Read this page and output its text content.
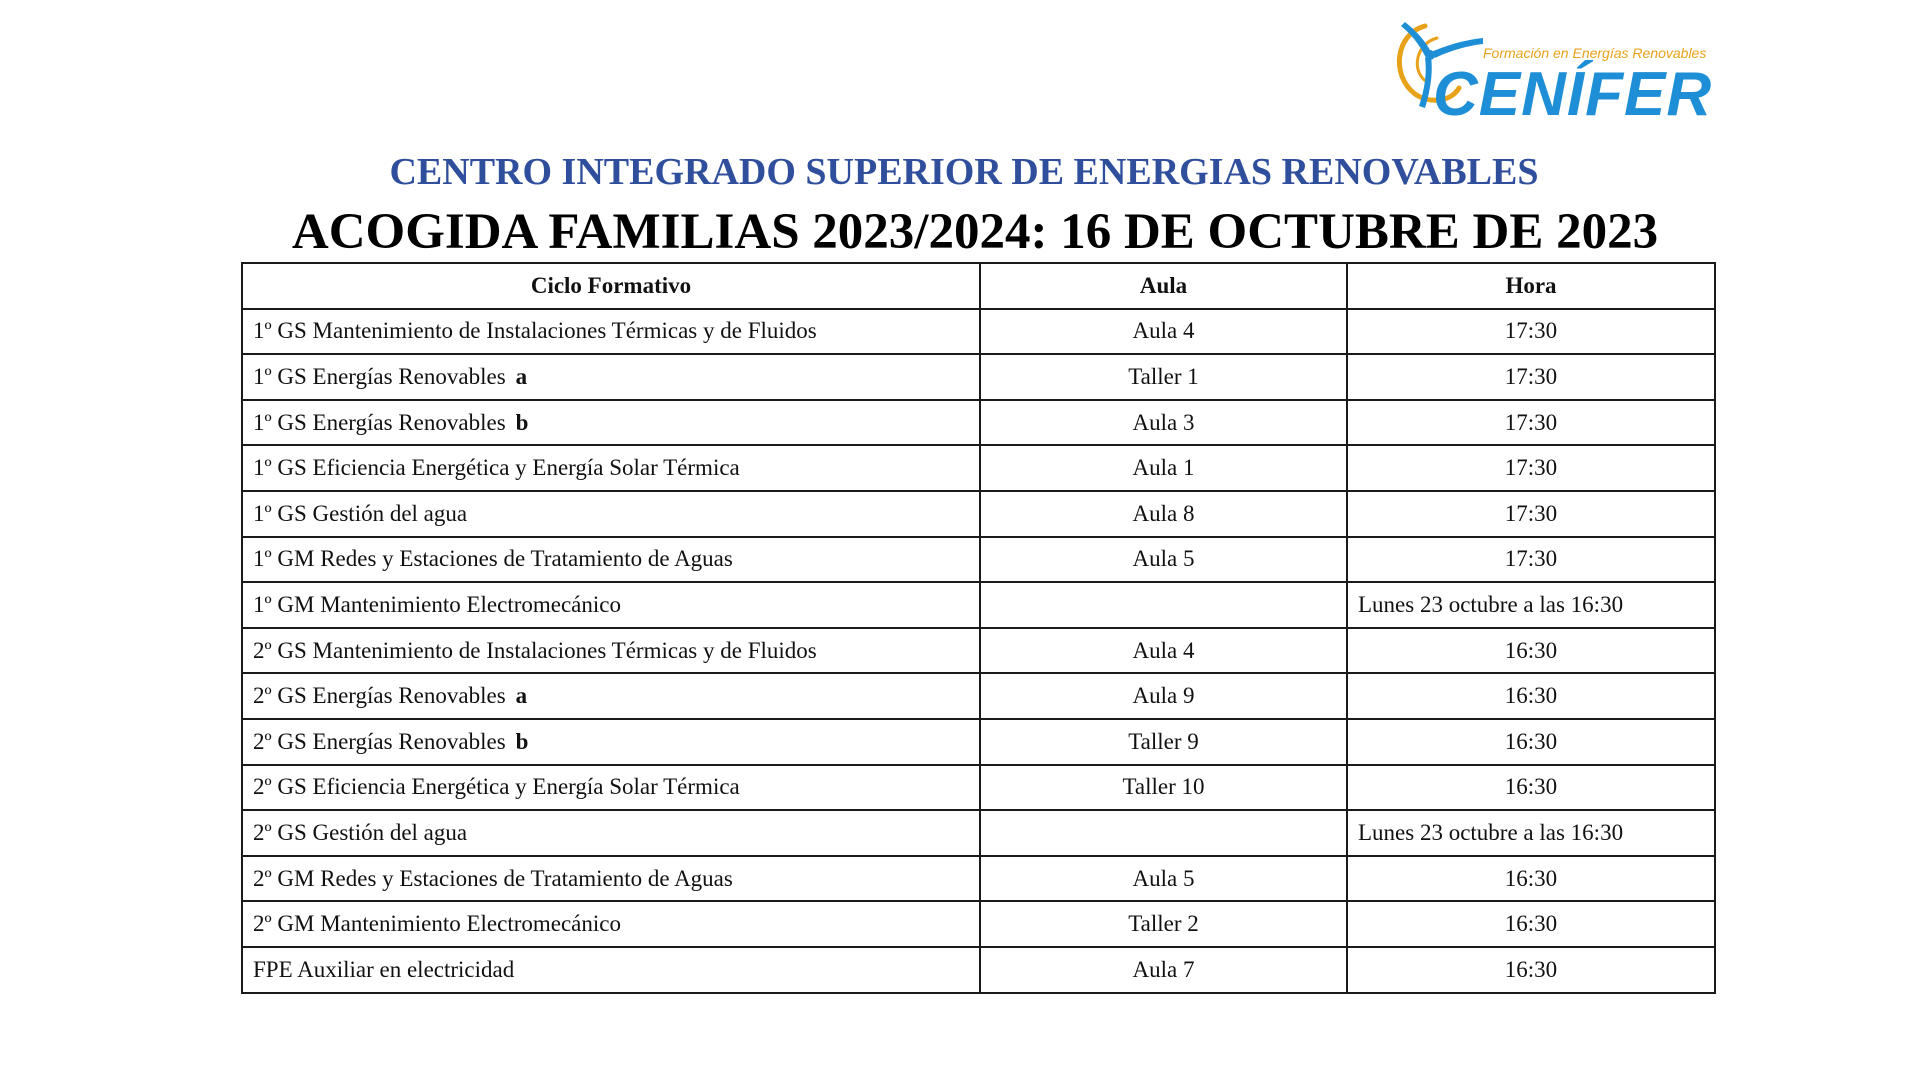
Formación en Energías Renovables
CENÍFER
CENTRO INTEGRADO SUPERIOR DE ENERGIAS RENOVABLES
ACOGIDA FAMILIAS 2023/2024: 16 DE OCTUBRE DE 2023
Ciclo Formativo	Aula	Hora
1º GS Mantenimiento de Instalaciones Térmicas y de Fluidos	Aula 4	17:30
1º GS Energías Renovables a	Taller 1	17:30
1º GS Energías Renovables b	Aula 3	17:30
1º GS Eficiencia Energética y Energía Solar Térmica	Aula 1	17:30
1º GS Gestión del agua	Aula 8	17:30
1º GM Redes y Estaciones de Tratamiento de Aguas	Aula 5	17:30
1º GM Mantenimiento Electromecánico		Lunes 23 octubre a las 16:30
2º GS Mantenimiento de Instalaciones Térmicas y de Fluidos	Aula 4	16:30
2º GS Energías Renovables a	Aula 9	16:30
2º GS Energías Renovables b	Taller 9	16:30
2º GS Eficiencia Energética y Energía Solar Térmica	Taller 10	16:30
2º GS Gestión del agua		Lunes 23 octubre a las 16:30
2º GM Redes y Estaciones de Tratamiento de Aguas	Aula 5	16:30
2º GM Mantenimiento Electromecánico	Taller 2	16:30
FPE Auxiliar en electricidad	Aula 7	16:30
